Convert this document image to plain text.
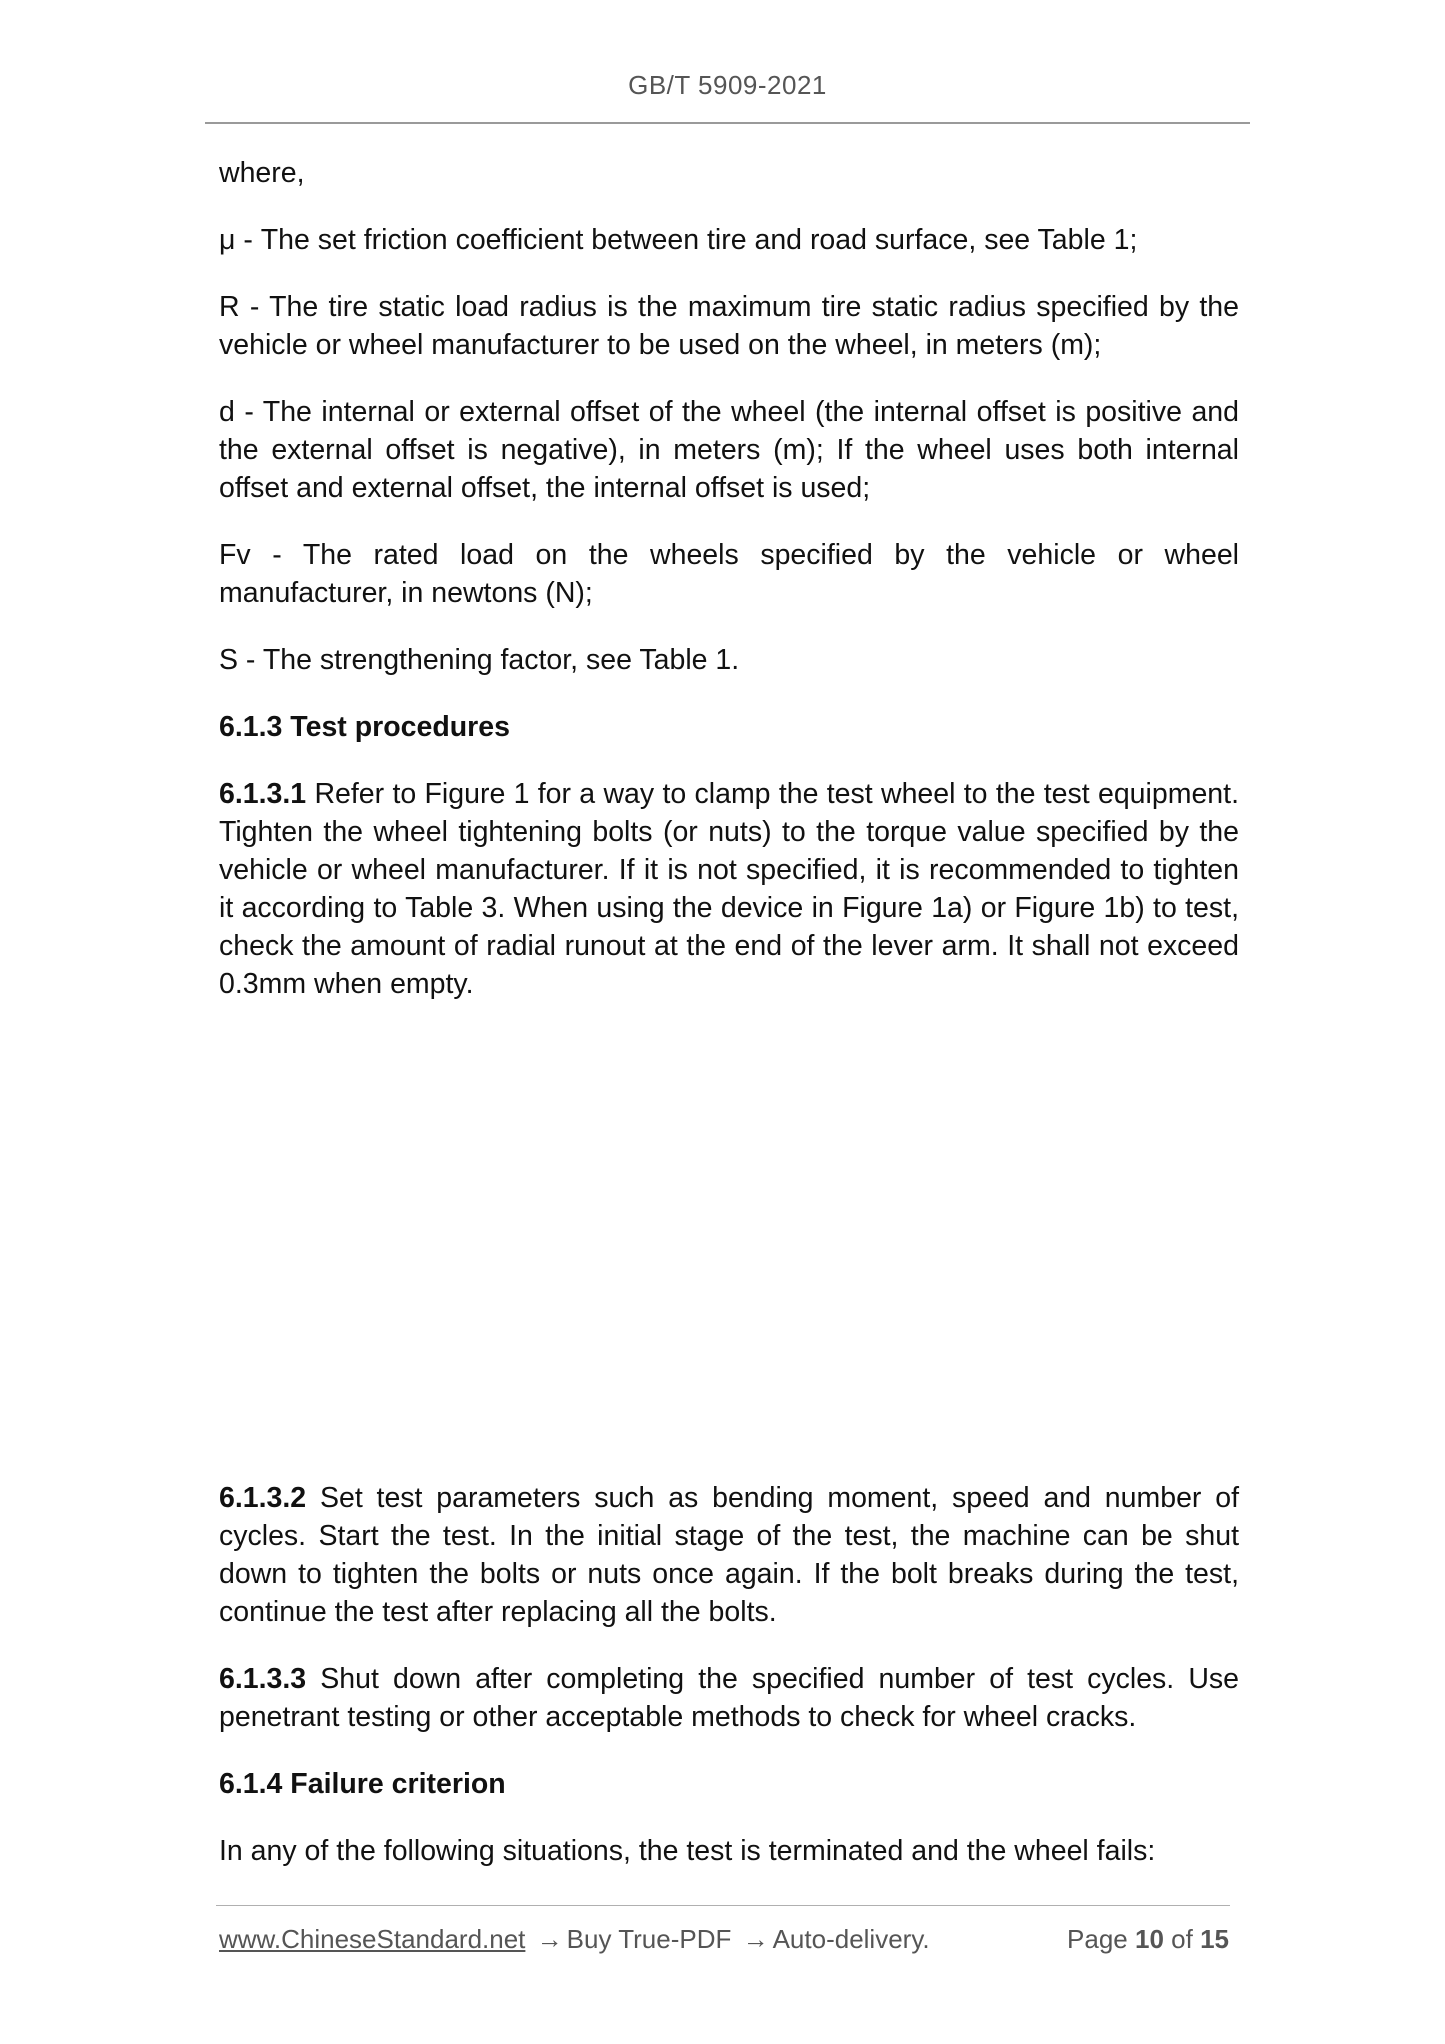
GB/T 5909-2021

where,

μ - The set friction coefficient between tire and road surface, see Table 1;

R - The tire static load radius is the maximum tire static radius specified by the vehicle or wheel manufacturer to be used on the wheel, in meters (m);

d - The internal or external offset of the wheel (the internal offset is positive and the external offset is negative), in meters (m); If the wheel uses both internal offset and external offset, the internal offset is used;

Fv - The rated load on the wheels specified by the vehicle or wheel manufacturer, in newtons (N);

S - The strengthening factor, see Table 1.

6.1.3 Test procedures

6.1.3.1 Refer to Figure 1 for a way to clamp the test wheel to the test equipment. Tighten the wheel tightening bolts (or nuts) to the torque value specified by the vehicle or wheel manufacturer. If it is not specified, it is recommended to tighten it according to Table 3. When using the device in Figure 1a) or Figure 1b) to test, check the amount of radial runout at the end of the lever arm. It shall not exceed 0.3mm when empty.

6.1.3.2 Set test parameters such as bending moment, speed and number of cycles. Start the test. In the initial stage of the test, the machine can be shut down to tighten the bolts or nuts once again. If the bolt breaks during the test, continue the test after replacing all the bolts.

6.1.3.3 Shut down after completing the specified number of test cycles. Use penetrant testing or other acceptable methods to check for wheel cracks.

6.1.4 Failure criterion

In any of the following situations, the test is terminated and the wheel fails:

www.ChineseStandard.net → Buy True-PDF → Auto-delivery.	Page 10 of 15
